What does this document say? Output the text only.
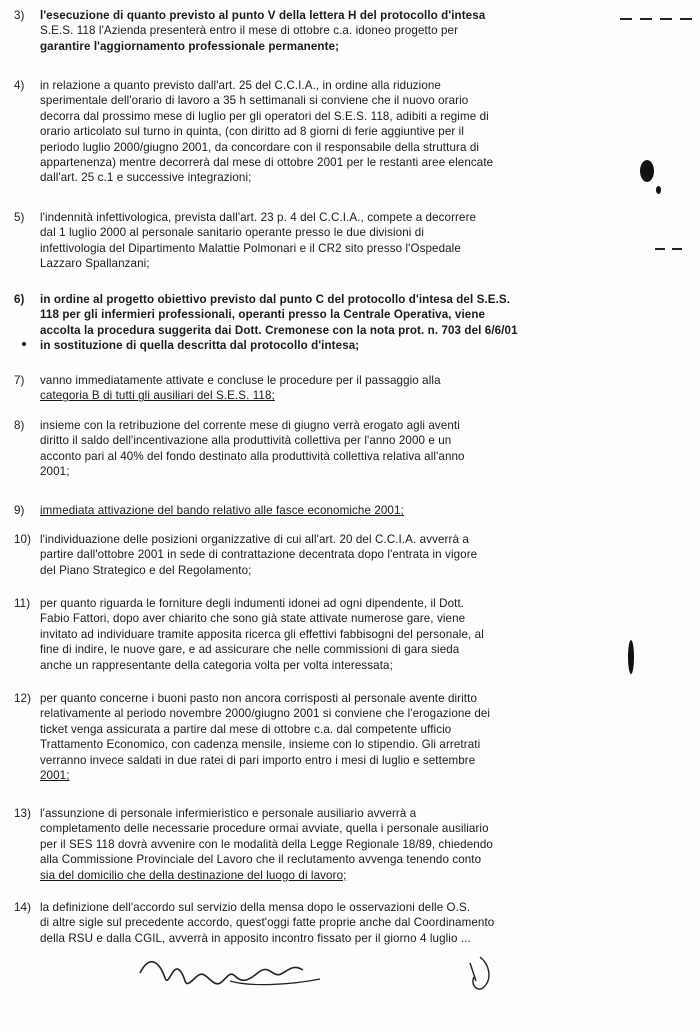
3)	l'esecuzione di quanto previsto al punto V della lettera H del protocollo d'intesa
S.E.S. 118 l'Azienda presenterà entro il mese di ottobre c.a. idoneo progetto per
garantire l'aggiornamento professionale permanente;
4)	in relazione a quanto previsto dall'art. 25 del C.C.I.A., in ordine alla riduzione
sperimentale dell'orario di lavoro a 35 h settimanali si conviene che il nuovo orario
decorra dal prossimo mese di luglio per gli operatori del S.E.S. 118, adibiti a regime di
orario articolato sul turno in quinta, (con diritto ad 8 giorni di ferie aggiuntive per il
periodo luglio 2000/giugno 2001, da concordare con il responsabile della struttura di
appartenenza) mentre decorrerà dal mese di ottobre 2001 per le restanti aree elencate
dall'art. 25 c.1 e successive integrazioni;
5)	l'indennità infettivologica, prevista dall'art. 23 p. 4 del C.C.I.A., compete a decorrere
dal 1 luglio 2000 al personale sanitario operante presso le due divisioni di
infettivologia del Dipartimento Malattie Polmonari e il CR2 sito presso l'Ospedale
Lazzaro Spallanzani;
6)	in ordine al progetto obiettivo previsto dal punto C del protocollo d'intesa del S.E.S.
118 per gli infermieri professionali, operanti presso la Centrale Operativa, viene
accolta la procedura suggerita dai Dott. Cremonese con la nota prot. n. 703 del 6/6/01
in sostituzione di quella descritta dal protocollo d'intesa;
7)	vanno immediatamente attivate e concluse le procedure per il passaggio alla
categoria B di tutti gli ausiliari del S.E.S. 118;
8)	insieme con la retribuzione del corrente mese di giugno verrà erogato agli aventi
diritto il saldo dell'incentivazione alla produttività collettiva per l'anno 2000 e un
acconto pari al 40% del fondo destinato alla produttività collettiva relativa all'anno
2001;
9)	immediata attivazione del bando relativo alle fasce economiche 2001;
10) l'individuazione delle posizioni organizzative di cui all'art. 20 del C.C.I.A. avverrà a
partire dall'ottobre 2001 in sede di contrattazione decentrata dopo l'entrata in vigore
del Piano Strategico e del Regolamento;
11) per quanto riguarda le forniture degli indumenti idonei ad ogni dipendente, il Dott.
Fabio Fattori, dopo aver chiarito che sono già state attivate numerose gare, viene
invitato ad individuare tramite apposita ricerca gli effettivi fabbisogni del personale, al
fine di indire, le nuove gare, e ad assicurare che nelle commissioni di gara sieda
anche un rappresentante della categoria volta per volta interessata;
12) per quanto concerne i buoni pasto non ancora corrisposti al personale avente diritto
relativamente al periodo novembre 2000/giugno 2001 si conviene che l'erogazione dei
ticket venga assicurata a partire dal mese di ottobre c.a. dal competente ufficio
Trattamento Economico, con cadenza mensile, insieme con lo stipendio. Gli arretrati
verranno invece saldati in due ratei di pari importo entro i mesi di luglio e settembre
2001;
13) l'assunzione di personale infermieristico e personale ausiliario avverrà a
completamento delle necessarie procedure ormai avviate, quella i personale ausiliario
per il SES 118 dovrà avvenire con le modalità della Legge Regionale 18/89, chiedendo
alla Commissione Provinciale del Lavoro che il reclutamento avvenga tenendo conto
sia del domicilio che della destinazione del luogo di lavoro;
14) la definizione dell'accordo sul servizio della mensa dopo le osservazioni delle O.S.
di altre sigle sul precedente accordo, quest'oggi fatte proprie anche dal Coordinamento
della RSU e dalla CGIL, avverrà in apposito incontro fissato per il giorno 4 luglio ...
